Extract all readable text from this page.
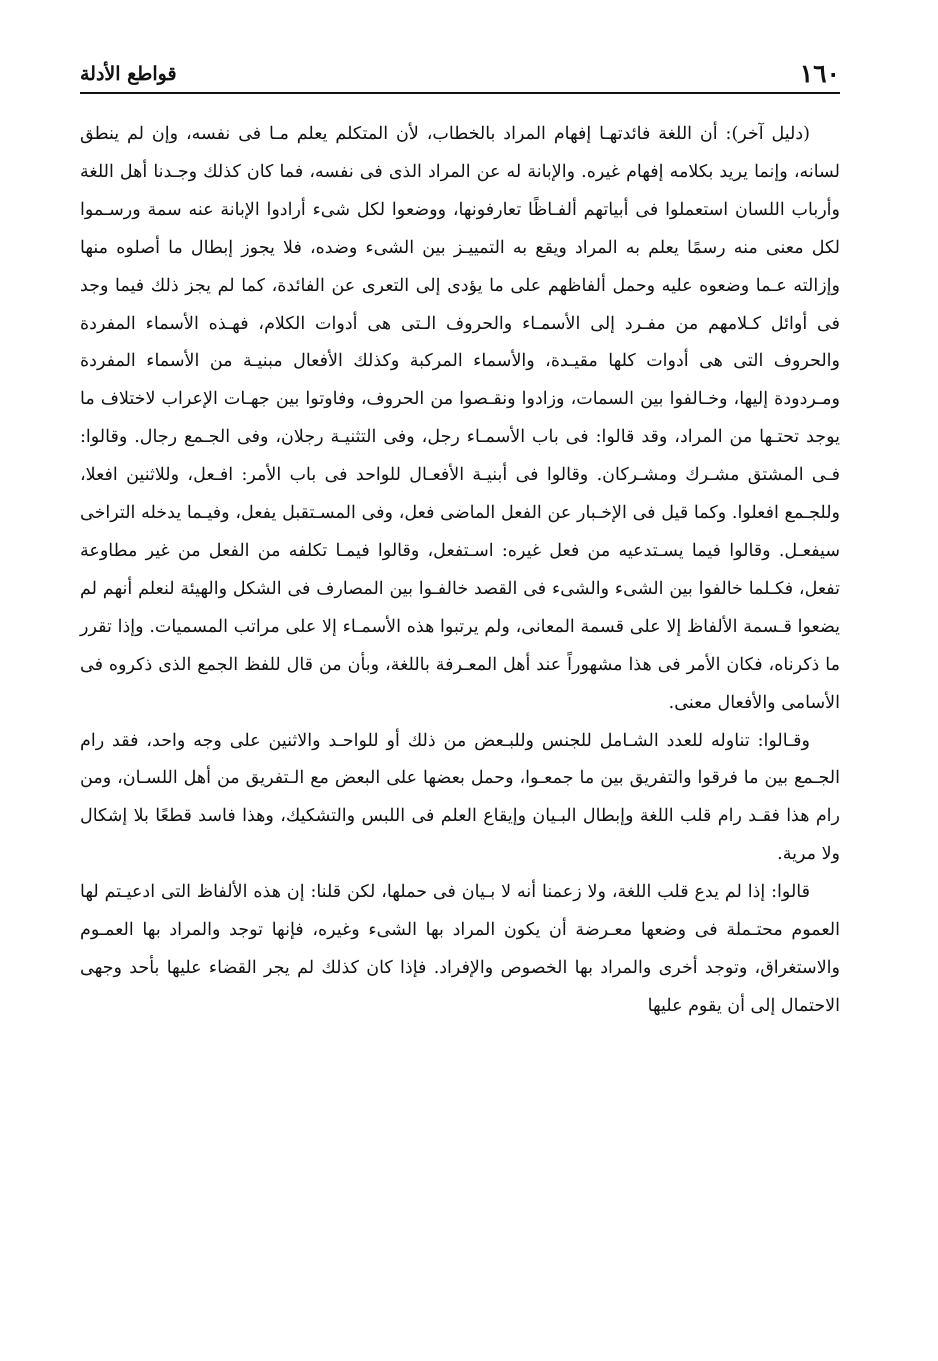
١٦٠
قواطع الأدلة

(دليل آخر): أن اللغة فائدتهـا إفهام المراد بالخطاب، لأن المتكلم يعلم مـا فى نفسه، وإن لم ينطق لسانه، وإنما يريد بكلامه إفهام غيره. والإبانة له عن المراد الذى فى نفسه، فما كان كذلك وجـدنا أهل اللغة وأرباب اللسان استعملوا فى أبياتهم ألفـاظًا تعارفونها، ووضعوا لكل شىء أرادوا الإبانة عنه سمة ورسـموا لكل معنى منه رسمًا يعلم به المراد ويقع به التمييـز بين الشىء وضده، فلا يجوز إبطال ما أصلوه منها وإزالته عـما وضعوه عليه وحمل ألفاظهم على ما يؤدى إلى التعرى عن الفائدة، كما لم يجز ذلك فيما وجد فى أوائل كـلامهم من مفـرد إلى الأسمـاء والحروف الـتى هى أدوات الكلام، فهـذه الأسماء المفردة والحروف التى هى أدوات كلها مقيـدة، والأسماء المركبة وكذلك الأفعال مبنيـة من الأسماء المفردة ومـردودة إليها، وخـالفوا بين السمات، وزادوا ونقـصوا من الحروف، وفاوتوا بين جهـات الإعراب لاختلاف ما يوجد تحتـها من المراد، وقد قالوا: فى باب الأسمـاء رجل، وفى التثنيـة رجلان، وفى الجـمع رجال. وقالوا: فـى المشتق مشـرك ومشـركان. وقالوا فى أبنيـة الأفعـال للواحد فى باب الأمر: افـعل، وللاثنين افعلا، وللجـمع افعلوا. وكما قيل فى الإخـبار عن الفعل الماضى فعل، وفى المسـتقبل يفعل، وفيـما يدخله التراخى سيفعـل. وقالوا فيما يسـتدعيه من فعل غيره: اسـتفعل، وقالوا فيمـا تكلفه من الفعل من غير مطاوعة تفعل، فكـلما خالفوا بين الشىء والشىء فى القصد خالفـوا بين المصارف فى الشكل والهيئة لنعلم أنهم لم يضعوا قـسمة الألفاظ إلا على قسمة المعانى، ولم يرتبوا هذه الأسمـاء إلا على مراتب المسميات. وإذا تقرر ما ذكرناه، فكان الأمر فى هذا مشهوراً عند أهل المعـرفة باللغة، وبأن من قال للفظ الجمع الذى ذكروه فى الأسامى والأفعال معنى.

وقـالوا: تناوله للعدد الشـامل للجنس وللبـعض من ذلك أو للواحـد والاثنين على وجه واحد، فقد رام الجـمع بين ما فرقوا والتفريق بين ما جمعـوا، وحمل بعضها على البعض مع الـتفريق من أهل اللسـان، ومن رام هذا فقـد رام قلب اللغة وإبطال البـيان وإيقاع العلم فى اللبس والتشكيك، وهذا فاسد قطعًا بلا إشكال ولا مرية.

قالوا: إذا لم يدع قلب اللغة، ولا زعمنا أنه لا بـيان فى حملها، لكن قلنا: إن هذه الألفاظ التى ادعيـتم لها العموم محتـملة فى وضعها معـرضة أن يكون المراد بها الشىء وغيره، فإنها توجد والمراد بها العمـوم والاستغراق، وتوجد أخرى والمراد بها الخصوص والإفراد. فإذا كان كذلك لم يجر القضاء عليها بأحد وجهى الاحتمال إلى أن يقوم عليها
